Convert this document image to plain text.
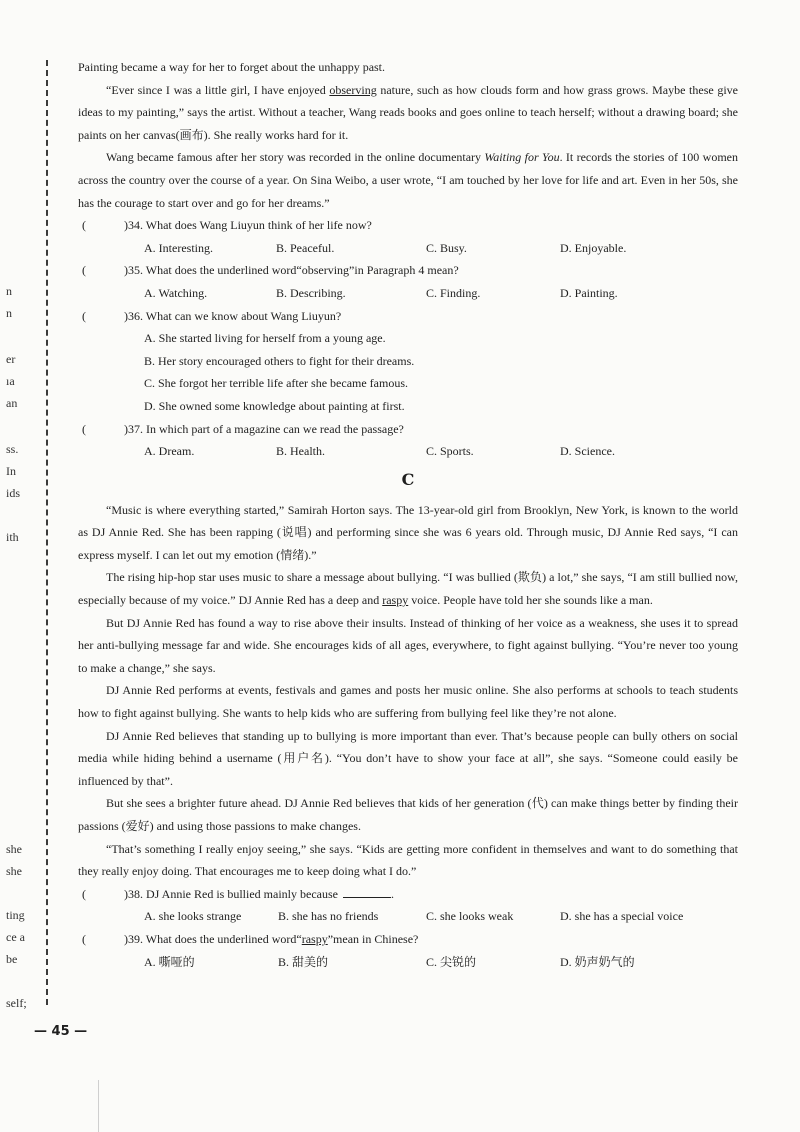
n
n
er
ıa
an
ss.
In
ids
ith
she
she
ting
ce a
be
self;

Painting became a way for her to forget about the unhappy past.

“Ever since I was a little girl, I have enjoyed observing nature, such as how clouds form and how grass grows. Maybe these give ideas to my painting,” says the artist. Without a teacher, Wang reads books and goes online to teach herself; without a drawing board; she paints on her canvas(画布). She really works hard for it.

Wang became famous after her story was recorded in the online documentary Waiting for You. It records the stories of 100 women across the country over the course of a year. On Sina Weibo, a user wrote, “I am touched by her love for life and art. Even in her 50s, she has the courage to start over and go for her dreams.”

(	)34. What does Wang Liuyun think of her life now?
A. Interesting.	B. Peaceful.	C. Busy.	D. Enjoyable.
(	)35. What does the underlined word“observing”in Paragraph 4 mean?
A. Watching.	B. Describing.	C. Finding.	D. Painting.
(	)36. What can we know about Wang Liuyun?
A. She started living for herself from a young age.
B. Her story encouraged others to fight for their dreams.
C. She forgot her terrible life after she became famous.
D. She owned some knowledge about painting at first.
(	)37. In which part of a magazine can we read the passage?
A. Dream.	B. Health.	C. Sports.	D. Science.
C

“Music is where everything started,” Samirah Horton says. The 13-year-old girl from Brooklyn, New York, is known to the world as DJ Annie Red. She has been rapping (说唱) and performing since she was 6 years old. Through music, DJ Annie Red says, “I can express myself. I can let out my emotion (情绪).”

The rising hip-hop star uses music to share a message about bullying. “I was bullied (欺负) a lot,” she says, “I am still bullied now, especially because of my voice.” DJ Annie Red has a deep and raspy voice. People have told her she sounds like a man.

But DJ Annie Red has found a way to rise above their insults. Instead of thinking of her voice as a weakness, she uses it to spread her anti-bullying message far and wide. She encourages kids of all ages, everywhere, to fight against bullying. “You’re never too young to make a change,” she says.

DJ Annie Red performs at events, festivals and games and posts her music online. She also performs at schools to teach students how to fight against bullying. She wants to help kids who are suffering from bullying feel like they’re not alone.

DJ Annie Red believes that standing up to bullying is more important than ever. That’s because people can bully others on social media while hiding behind a username (用户名). “You don’t have to show your face at all”, she says. “Someone could easily be influenced by that”.

But she sees a brighter future ahead. DJ Annie Red believes that kids of her generation (代) can make things better by finding their passions (爱好) and using those passions to make changes.

“That’s something I really enjoy seeing,” she says. “Kids are getting more confident in themselves and want to do something that they really enjoy doing. That encourages me to keep doing what I do.”

(	)38. DJ Annie Red is bullied mainly because	.
A. she looks strange	B. she has no friends	C. she looks weak	D. she has a special voice
(	)39. What does the underlined word“raspy”mean in Chinese?
A. 嘶哑的	B. 甜美的	C. 尖锐的	D. 奶声奶气的
— 45 —
